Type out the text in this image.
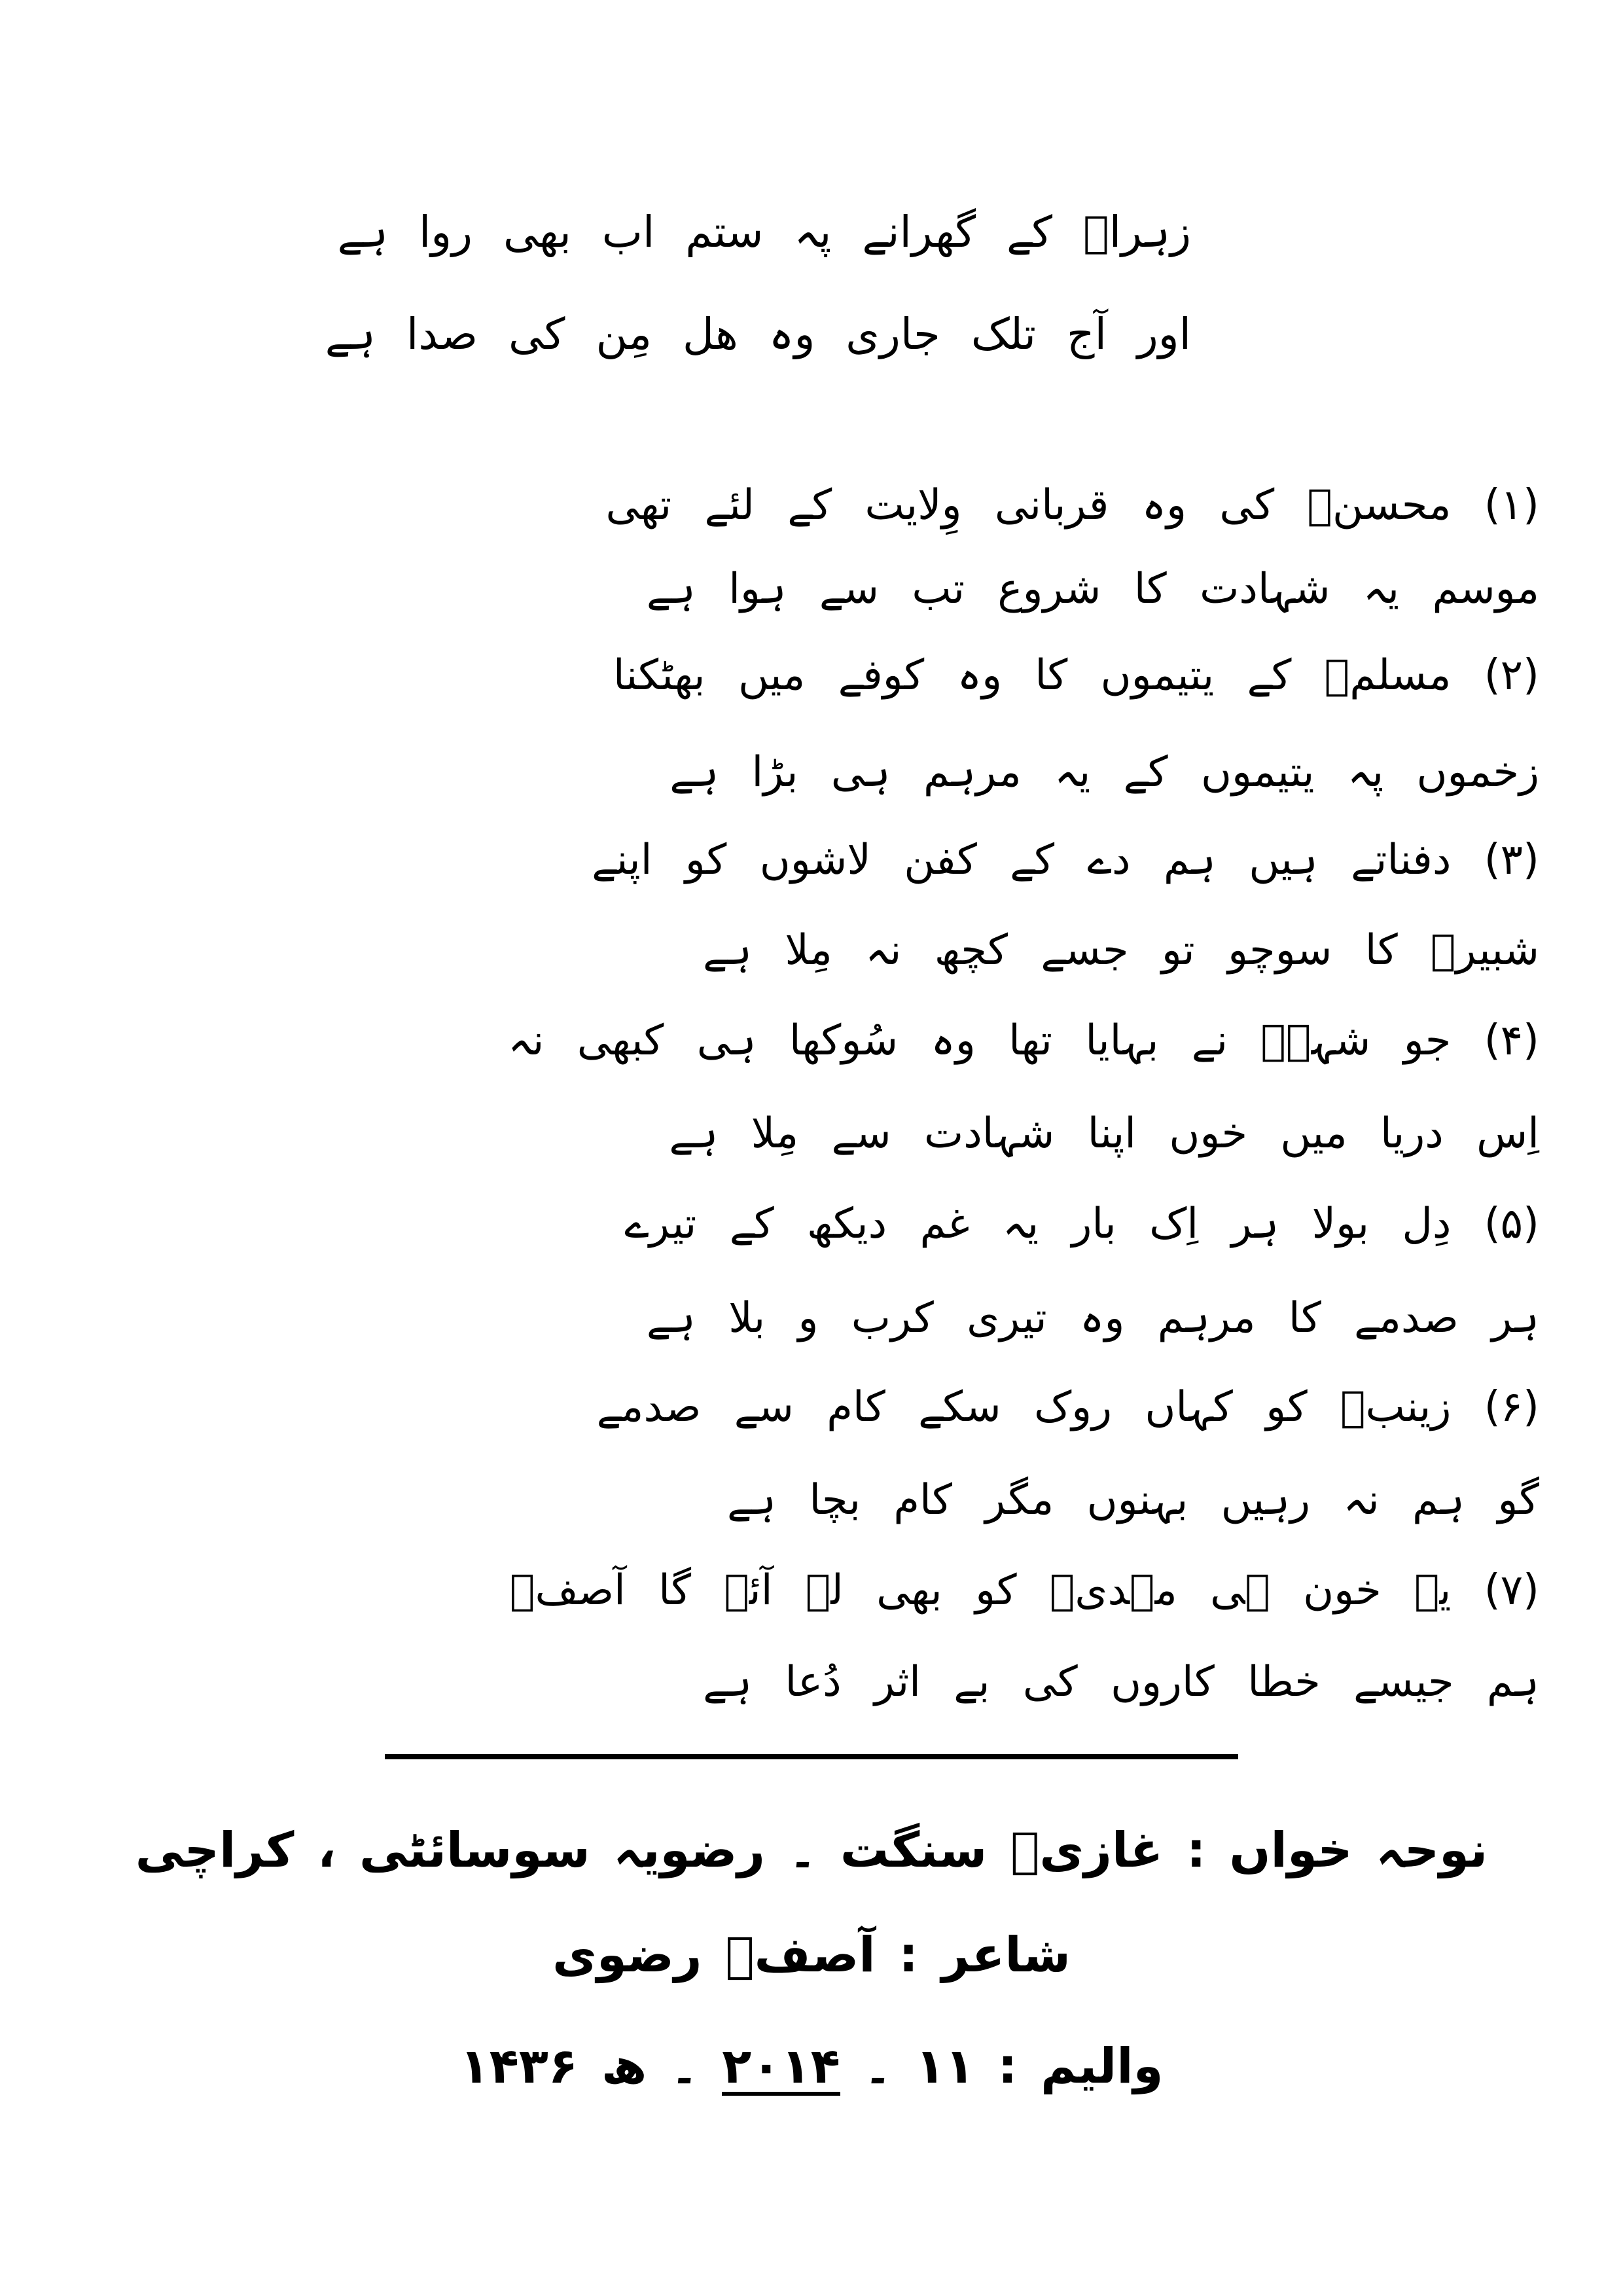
زہراؑ کے گھرانے پہ ستم اب بھی روا ہے

اور آج تلک جاری وہ ھل مِن کی صدا ہے

(۱) محسنؑ کی وہ قربانی وِلایت کے لئے تھی

موسم یہ شہادت کا شروع تب سے ہوا ہے

(۲) مسلمؑ کے یتیموں کا وہ کوفے میں بھٹکنا

زخموں پہ یتیموں کے یہ مرہم ہی بڑا ہے

(۳) دفناتے ہیں ہم دے کے کفن لاشوں کو اپنے

شبیرؑ کا سوچو تو جسے کچھ نہ مِلا ہے

(۴) جو شہہؑ نے بہایا تھا وہ سُوکھا ہی کبھی نہ

اِس دریا میں خوں اپنا شہادت سے مِلا ہے

(۵) دِل بولا ہر اِک بار یہ غم دیکھ کے تیرے

ہر صدمے کا مرہم وہ تیری کرب و بلا ہے

(۶) زینبؑ کو کہاں روک سکے کام سے صدمے

گو ہم نہ رہیں بہنوں مگر کام بچا ہے

(۷) یہ خون ہی مہدیؑ کو بھی لے آئے گا آصفؔ

ہم جیسے خطا کاروں کی بے اثر دُعا ہے

نوحہ خواں : غازیؑ سنگت ۔ رضویہ سوسائٹی ، کراچی

شاعر : آصفؔ رضوی

والیم : ۱۱ ۔ ۲۰۱۴ ۔ ھ ۱۴۳۶
